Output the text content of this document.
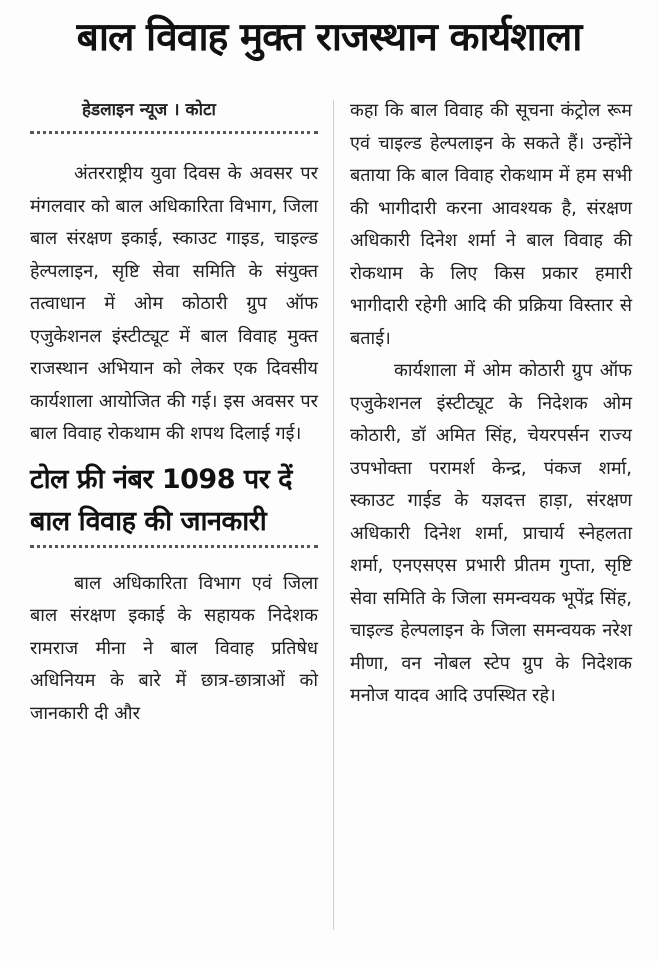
बाल विवाह मुक्त राजस्थान कार्यशाला
हेडलाइन न्यूज । कोटा

अंतरराष्ट्रीय युवा दिवस के अवसर पर मंगलवार को बाल अधिकारिता विभाग, जिला बाल संरक्षण इकाई, स्काउट गाइड, चाइल्ड हेल्पलाइन, सृष्टि सेवा समिति के संयुक्त तत्वाधान में ओम कोठारी ग्रुप ऑफ एजुकेशनल इंस्टीट्यूट में बाल विवाह मुक्त राजस्थान अभियान को लेकर एक दिवसीय कार्यशाला आयोजित की गई। इस अवसर पर बाल विवाह रोकथाम की शपथ दिलाई गई।

टोल फ्री नंबर 1098 पर दें बाल विवाह की जानकारी

बाल अधिकारिता विभाग एवं जिला बाल संरक्षण इकाई के सहायक निदेशक रामराज मीना ने बाल विवाह प्रतिषेध अधिनियम के बारे में छात्र-छात्राओं को जानकारी दी और

कहा कि बाल विवाह की सूचना कंट्रोल रूम एवं चाइल्ड हेल्पलाइन के सकते हैं। उन्होंने बताया कि बाल विवाह रोकथाम में हम सभी की भागीदारी करना आवश्यक है, संरक्षण अधिकारी दिनेश शर्मा ने बाल विवाह की रोकथाम के लिए किस प्रकार हमारी भागीदारी रहेगी आदि की प्रक्रिया विस्तार से बताई।

कार्यशाला में ओम कोठारी ग्रुप ऑफ एजुकेशनल इंस्टीट्यूट के निदेशक ओम कोठारी, डॉ अमित सिंह, चेयरपर्सन राज्य उपभोक्ता परामर्श केन्द्र, पंकज शर्मा, स्काउट गाईड के यज्ञदत्त हाड़ा, संरक्षण अधिकारी दिनेश शर्मा, प्राचार्य स्नेहलता शर्मा, एनएसएस प्रभारी प्रीतम गुप्ता, सृष्टि सेवा समिति के जिला समन्वयक भूपेंद्र सिंह, चाइल्ड हेल्पलाइन के जिला समन्वयक नरेश मीणा, वन नोबल स्टेप ग्रुप के निदेशक मनोज यादव आदि उपस्थित रहे।
